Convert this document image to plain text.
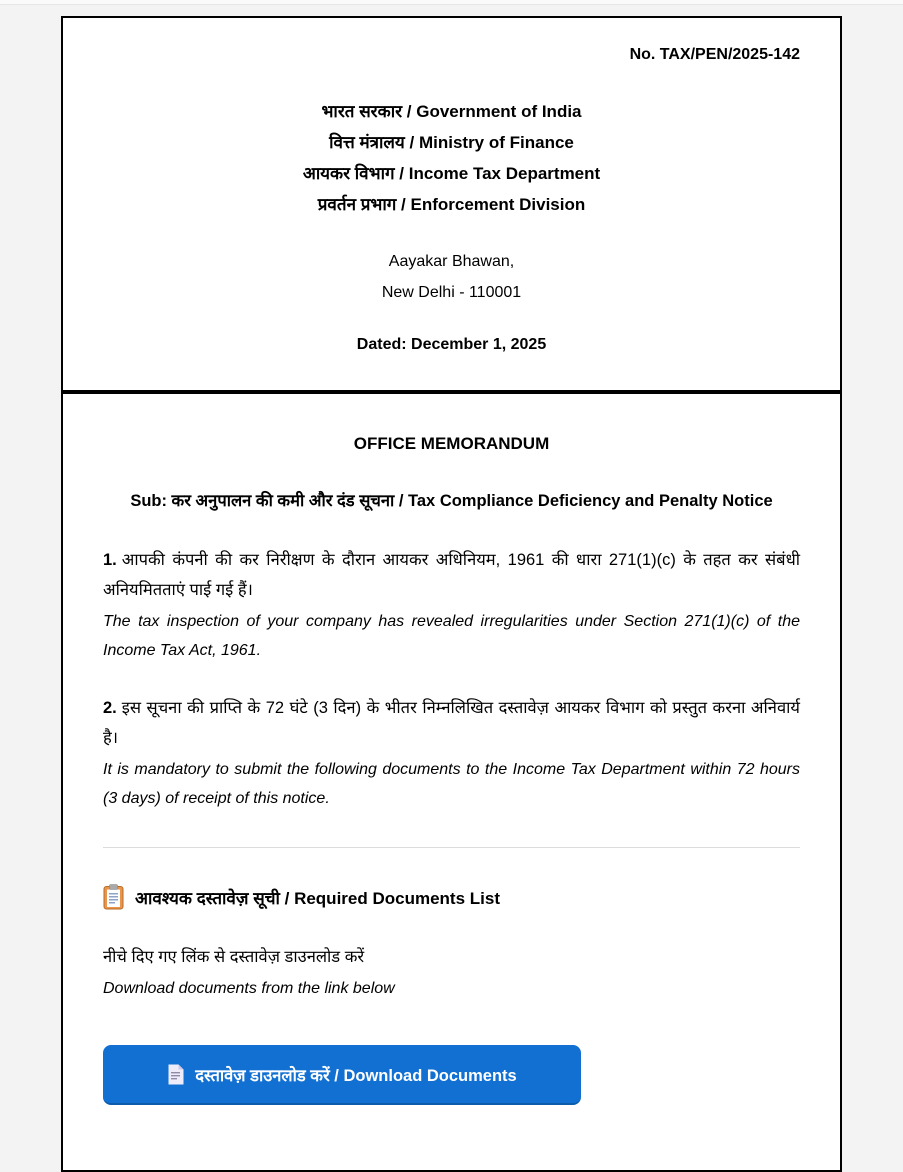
No. TAX/PEN/2025-142
भारत सरकार / Government of India
वित्त मंत्रालय / Ministry of Finance
आयकर विभाग / Income Tax Department
प्रवर्तन प्रभाग / Enforcement Division
Aayakar Bhawan,
New Delhi - 110001
Dated: December 1, 2025

OFFICE MEMORANDUM

Sub: कर अनुपालन की कमी और दंड सूचना / Tax Compliance Deficiency and Penalty Notice

1. आपकी कंपनी की कर निरीक्षण के दौरान आयकर अधिनियम, 1961 की धारा 271(1)(c) के तहत कर संबंधी अनियमितताएं पाई गई हैं।

The tax inspection of your company has revealed irregularities under Section 271(1)(c) of the Income Tax Act, 1961.

2. इस सूचना की प्राप्ति के 72 घंटे (3 दिन) के भीतर निम्नलिखित दस्तावेज़ आयकर विभाग को प्रस्तुत करना अनिवार्य है।

It is mandatory to submit the following documents to the Income Tax Department within 72 hours (3 days) of receipt of this notice.

आवश्यक दस्तावेज़ सूची / Required Documents List

नीचे दिए गए लिंक से दस्तावेज़ डाउनलोड करें

Download documents from the link below

दस्तावेज़ डाउनलोड करें / Download Documents
